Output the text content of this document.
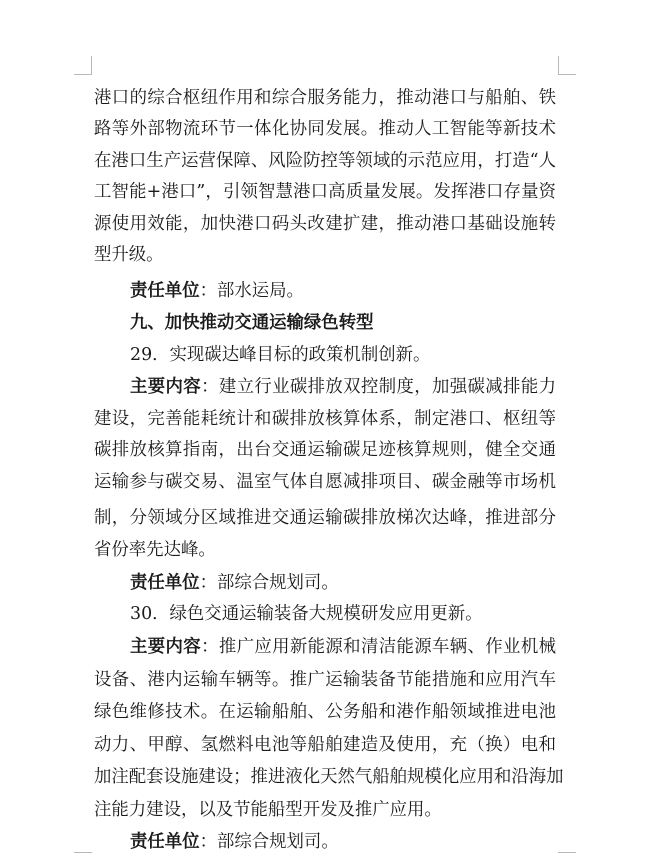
港口的综合枢纽作用和综合服务能力，推动港口与船舶、铁
路等外部物流环节一体化协同发展。推动人工智能等新技术
在港口生产运营保障、风险防控等领域的示范应用，打造“人
工智能+港口”，引领智慧港口高质量发展。发挥港口存量资
源使用效能，加快港口码头改建扩建，推动港口基础设施转
型升级。
责任单位：部水运局。
九、加快推动交通运输绿色转型
29．实现碳达峰目标的政策机制创新。
主要内容：建立行业碳排放双控制度，加强碳减排能力
建设，完善能耗统计和碳排放核算体系，制定港口、枢纽等
碳排放核算指南，出台交通运输碳足迹核算规则，健全交通
运输参与碳交易、温室气体自愿减排项目、碳金融等市场机
制，分领域分区域推进交通运输碳排放梯次达峰，推进部分
省份率先达峰。
责任单位：部综合规划司。
30．绿色交通运输装备大规模研发应用更新。
主要内容：推广应用新能源和清洁能源车辆、作业机械
设备、港内运输车辆等。推广运输装备节能措施和应用汽车
绿色维修技术。在运输船舶、公务船和港作船领域推进电池
动力、甲醇、氢燃料电池等船舶建造及使用，充（换）电和
加注配套设施建设；推进液化天然气船舶规模化应用和沿海加
注能力建设，以及节能船型开发及推广应用。
责任单位：部综合规划司。
